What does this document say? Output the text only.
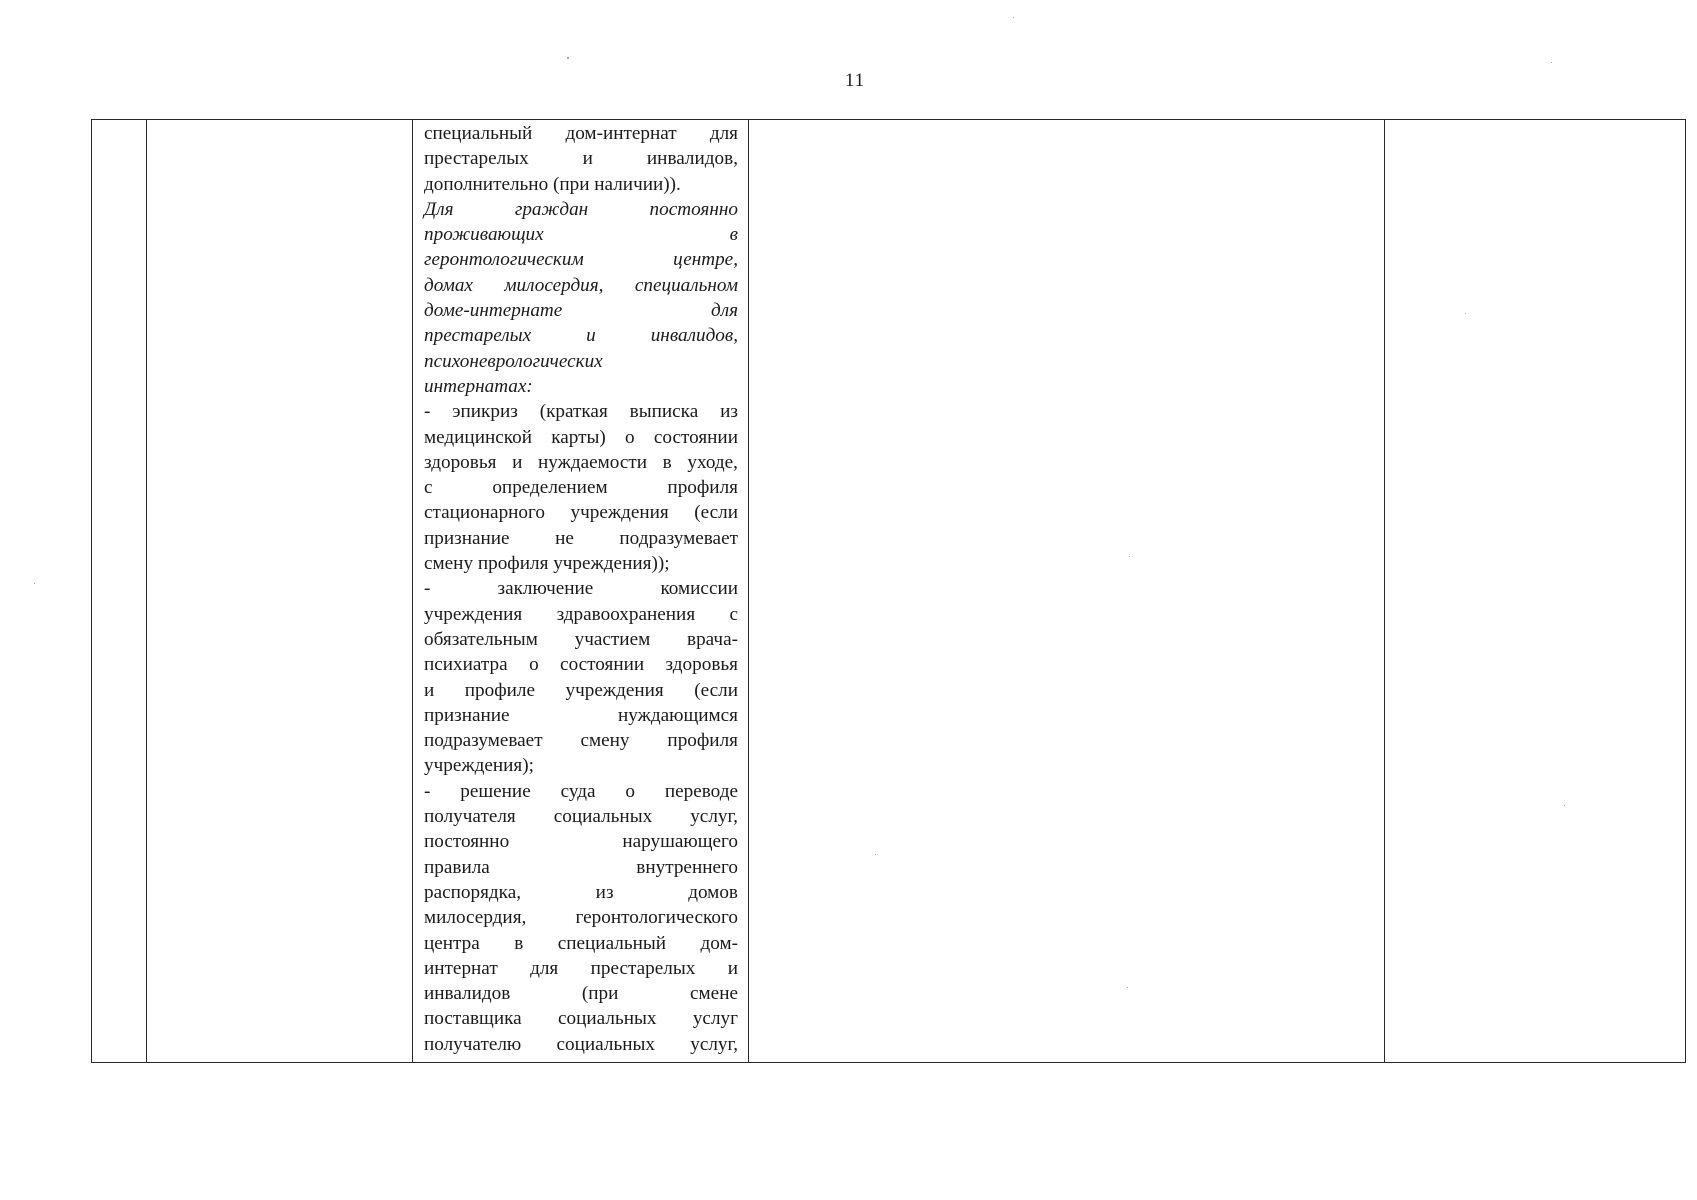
11
специальный дом-интернат для
престарелых	и	инвалидов,
дополнительно (при наличии)).
Для	граждан	постоянно
проживающих	в
геронтологическим	центре,
домах милосердия, специальном
доме-интернате	для
престарелых	и	инвалидов,
психоневрологических
интернатах:
- эпикриз (краткая выписка из
медицинской карты) о состоянии
здоровья и нуждаемости в уходе,
с	определением	профиля
стационарного учреждения (если
признание не подразумевает
смену профиля учреждения));
-	заключение	комиссии
учреждения здравоохранения с
обязательным участием врача-
психиатра о состоянии здоровья
и профиле учреждения (если
признание	нуждающимся
подразумевает смену профиля
учреждения);
- решение суда о переводе
получателя социальных услуг,
постоянно	нарушающего
правила	внутреннего
распорядка,	из	домов
милосердия,	геронтологического
центра в специальный дом-
интернат для престарелых и
инвалидов	(при	смене
поставщика социальных услуг
получателю социальных услуг,
